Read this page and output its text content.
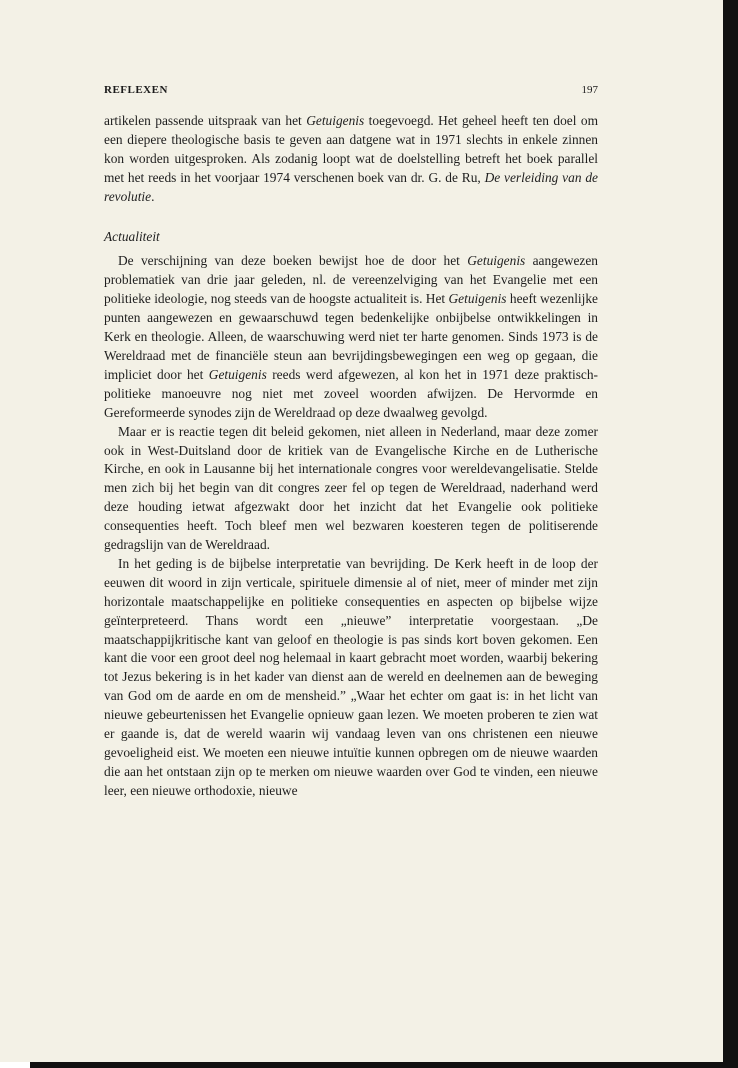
REFLEXEN	197

artikelen passende uitspraak van het Getuigenis toegevoegd. Het geheel heeft ten doel om een diepere theologische basis te geven aan datgene wat in 1971 slechts in enkele zinnen kon worden uitgesproken. Als zodanig loopt wat de doelstelling betreft het boek parallel met het reeds in het voorjaar 1974 verschenen boek van dr. G. de Ru, De verleiding van de revolutie.

Actualiteit

De verschijning van deze boeken bewijst hoe de door het Getuigenis aangewezen problematiek van drie jaar geleden, nl. de vereenzelviging van het Evangelie met een politieke ideologie, nog steeds van de hoogste actualiteit is. Het Getuigenis heeft wezenlijke punten aangewezen en gewaarschuwd tegen bedenkelijke onbijbelse ontwikkelingen in Kerk en theologie. Alleen, de waarschuwing werd niet ter harte genomen. Sinds 1973 is de Wereldraad met de financiële steun aan bevrijdingsbewegingen een weg op gegaan, die impliciet door het Getuigenis reeds werd afgewezen, al kon het in 1971 deze praktisch-politieke manoeuvre nog niet met zoveel woorden afwijzen. De Hervormde en Gereformeerde synodes zijn de Wereldraad op deze dwaalweg gevolgd.

Maar er is reactie tegen dit beleid gekomen, niet alleen in Nederland, maar deze zomer ook in West-Duitsland door de kritiek van de Evangelische Kirche en de Lutherische Kirche, en ook in Lausanne bij het internationale congres voor wereldevangelisatie. Stelde men zich bij het begin van dit congres zeer fel op tegen de Wereldraad, naderhand werd deze houding ietwat afgezwakt door het inzicht dat het Evangelie ook politieke consequenties heeft. Toch bleef men wel bezwaren koesteren tegen de politiserende gedragslijn van de Wereldraad.

In het geding is de bijbelse interpretatie van bevrijding. De Kerk heeft in de loop der eeuwen dit woord in zijn verticale, spirituele dimensie al of niet, meer of minder met zijn horizontale maatschappelijke en politieke consequenties en aspecten op bijbelse wijze geïnterpreteerd. Thans wordt een „nieuwe” interpretatie voorgestaan. „De maatschappijkritische kant van geloof en theologie is pas sinds kort boven gekomen. Een kant die voor een groot deel nog helemaal in kaart gebracht moet worden, waarbij bekering tot Jezus bekering is in het kader van dienst aan de wereld en deelnemen aan de beweging van God om de aarde en om de mensheid.” „Waar het echter om gaat is: in het licht van nieuwe gebeurtenissen het Evangelie opnieuw gaan lezen. We moeten proberen te zien wat er gaande is, dat de wereld waarin wij vandaag leven van ons christenen een nieuwe gevoeligheid eist. We moeten een nieuwe intuïtie kunnen opbregen om de nieuwe waarden die aan het ontstaan zijn op te merken om nieuwe waarden over God te vinden, een nieuwe leer, een nieuwe orthodoxie, nieuwe
